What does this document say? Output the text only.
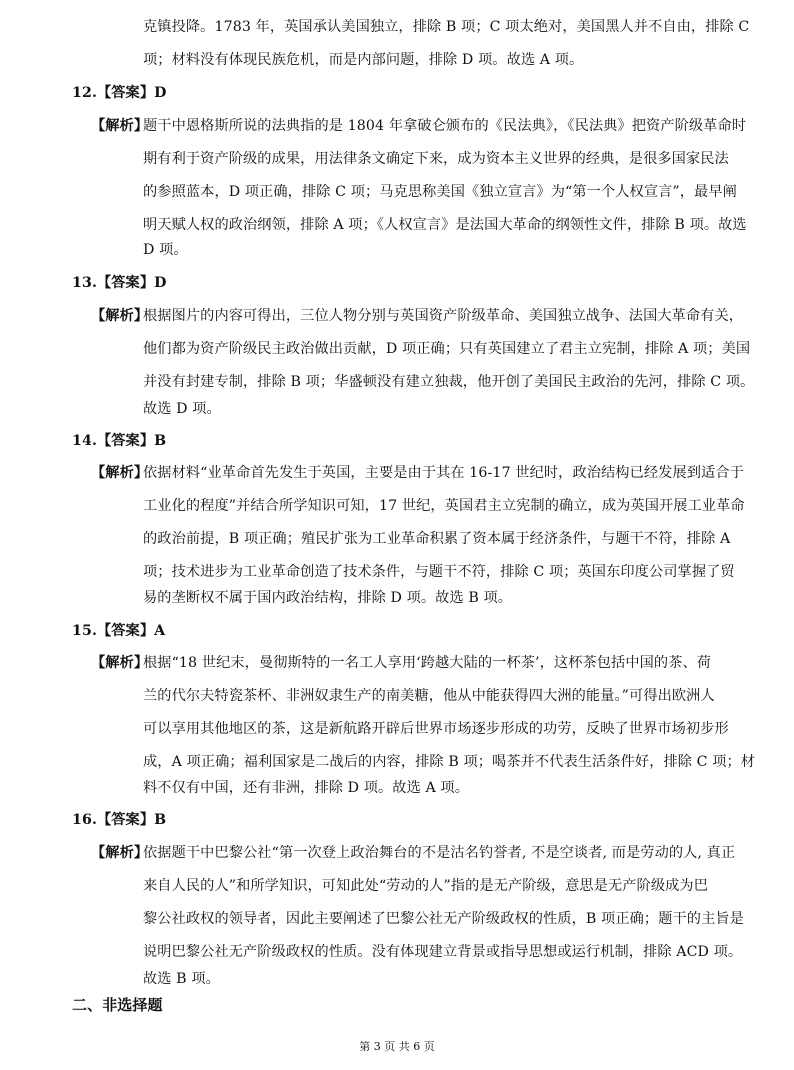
克镇投降。1783 年，英国承认美国独立，排除 B 项；C 项太绝对，美国黑人并不自由，排除 C
项；材料没有体现民族危机，而是内部问题，排除 D 项。故选 A 项。
12.【答案】D
【解析】
题干中恩格斯所说的法典指的是 1804 年拿破仑颁布的《民法典》，《民法典》把资产阶级革命时
期有利于资产阶级的成果，用法律条文确定下来，成为资本主义世界的经典，是很多国家民法
的参照蓝本，D 项正确，排除 C 项；马克思称美国《独立宣言》为“第一个人权宣言”，最早阐
明天赋人权的政治纲领，排除 A 项；《人权宣言》是法国大革命的纲领性文件，排除 B 项。故选
D 项。
13.【答案】D
【解析】
根据图片的内容可得出，三位人物分别与英国资产阶级革命、美国独立战争、法国大革命有关，
他们都为资产阶级民主政治做出贡献，D 项正确；只有英国建立了君主立宪制，排除 A 项；美国
并没有封建专制，排除 B 项；华盛顿没有建立独裁，他开创了美国民主政治的先河，排除 C 项。
故选 D 项。
14.【答案】B
【解析】
依据材料“业革命首先发生于英国，主要是由于其在 16-17 世纪时，政治结构已经发展到适合于
工业化的程度”并结合所学知识可知，17 世纪，英国君主立宪制的确立，成为英国开展工业革命
的政治前提，B 项正确；殖民扩张为工业革命积累了资本属于经济条件，与题干不符，排除 A
项；技术进步为工业革命创造了技术条件，与题干不符，排除 C 项；英国东印度公司掌握了贸
易的垄断权不属于国内政治结构，排除 D 项。故选 B 项。
15.【答案】A
【解析】
根据“18 世纪末，曼彻斯特的一名工人享用‘跨越大陆的一杯茶’，这杯茶包括中国的茶、荷
兰的代尔夫特瓷茶杯、非洲奴隶生产的南美糖，他从中能获得四大洲的能量。”可得出欧洲人
可以享用其他地区的茶，这是新航路开辟后世界市场逐步形成的功劳，反映了世界市场初步形
成，A 项正确；福利国家是二战后的内容，排除 B 项；喝茶并不代表生活条件好，排除 C 项；材
料不仅有中国，还有非洲，排除 D 项。故选 A 项。
16.【答案】B
【解析】
依据题干中巴黎公社“第一次登上政治舞台的不是沽名钓誉者, 不是空谈者, 而是劳动的人, 真正
来自人民的人”和所学知识，可知此处“劳动的人”指的是无产阶级，意思是无产阶级成为巴
黎公社政权的领导者，因此主要阐述了巴黎公社无产阶级政权的性质，B 项正确；题干的主旨是
说明巴黎公社无产阶级政权的性质。没有体现建立背景或指导思想或运行机制，排除 ACD 项。
故选 B 项。
二、非选择题
第 3 页 共 6 页
